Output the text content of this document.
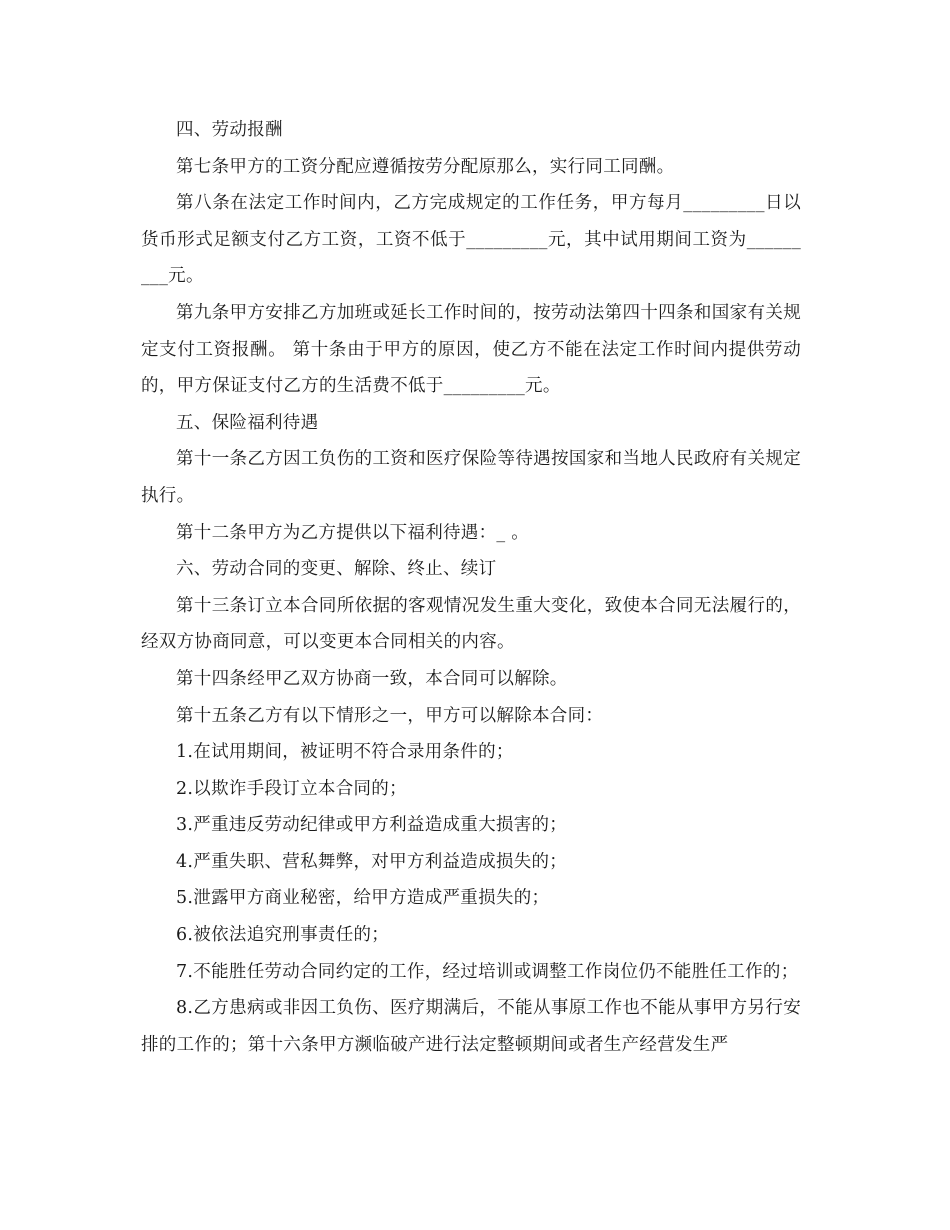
四、劳动报酬

第七条甲方的工资分配应遵循按劳分配原那么，实行同工同酬。

第八条在法定工作时间内，乙方完成规定的工作任务，甲方每月_________日以货币形式足额支付乙方工资，工资不低于_________元，其中试用期间工资为_________元。

第九条甲方安排乙方加班或延长工作时间的，按劳动法第四十四条和国家有关规定支付工资报酬。 第十条由于甲方的原因，使乙方不能在法定工作时间内提供劳动的，甲方保证支付乙方的生活费不低于_________元。

五、保险福利待遇

第十一条乙方因工负伤的工资和医疗保险等待遇按国家和当地人民政府有关规定执行。

第十二条甲方为乙方提供以下福利待遇：_ 。

六、劳动合同的变更、解除、终止、续订

第十三条订立本合同所依据的客观情况发生重大变化，致使本合同无法履行的，经双方协商同意，可以变更本合同相关的内容。

第十四条经甲乙双方协商一致，本合同可以解除。

第十五条乙方有以下情形之一，甲方可以解除本合同：

1.在试用期间，被证明不符合录用条件的；

2.以欺诈手段订立本合同的；

3.严重违反劳动纪律或甲方利益造成重大损害的；

4.严重失职、营私舞弊，对甲方利益造成损失的；

5.泄露甲方商业秘密，给甲方造成严重损失的；

6.被依法追究刑事责任的；

7.不能胜任劳动合同约定的工作，经过培训或调整工作岗位仍不能胜任工作的；

8.乙方患病或非因工负伤、医疗期满后，不能从事原工作也不能从事甲方另行安排的工作的；第十六条甲方濒临破产进行法定整顿期间或者生产经营发生严
